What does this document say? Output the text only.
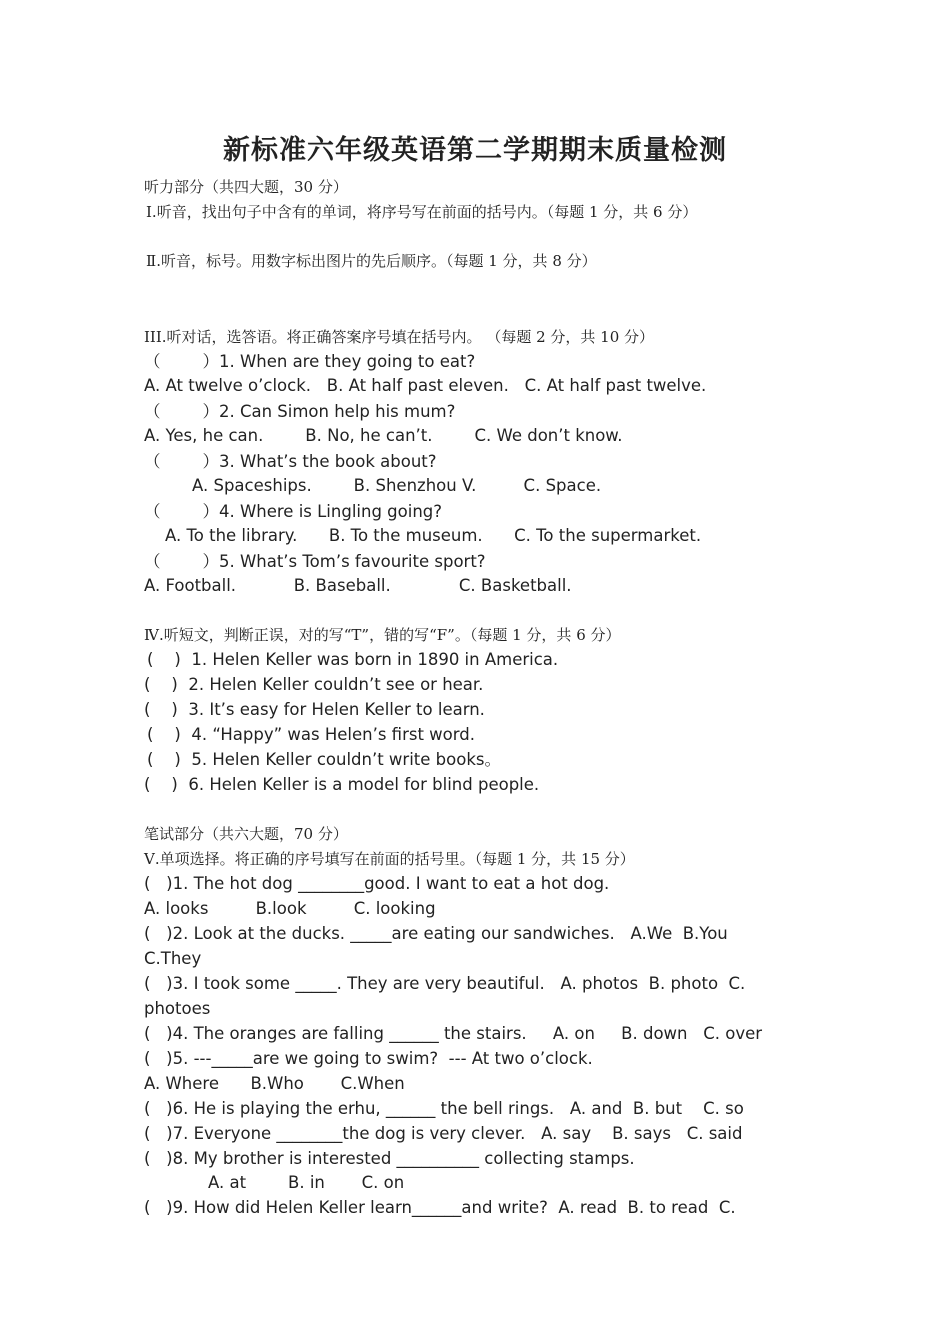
新标准六年级英语第二学期期末质量检测
听力部分（共四大题，30 分）
Ⅰ.听音，找出句子中含有的单词，将序号写在前面的括号内。（每题 1 分，共 6 分）
Ⅱ.听音，标号。用数字标出图片的先后顺序。（每题 1 分，共 8 分）
III.听对话，选答语。将正确答案序号填在括号内。 （每题 2 分，共 10 分）
（        ）1. When are they going to eat?
A. At twelve o’clock.   B. At half past eleven.   C. At half past twelve.
（        ）2. Can Simon help his mum?
A. Yes, he can.        B. No, he can’t.        C. We don’t know.
（        ）3. What’s the book about?
A. Spaceships.        B. Shenzhou V.         C. Space.
（        ）4. Where is Lingling going?
A. To the library.      B. To the museum.      C. To the supermarket.
（        ）5. What’s Tom’s favourite sport?
A. Football.           B. Baseball.             C. Basketball.
Ⅳ.听短文，判断正误，对的写“T”，错的写“F”。（每题 1 分，共 6 分）
(    )  1. Helen Keller was born in 1890 in America.
(    )  2. Helen Keller couldn’t see or hear.
(    )  3. It’s easy for Helen Keller to learn.
(    )  4. “Happy” was Helen’s first word.
(    )  5. Helen Keller couldn’t write books。
(    )  6. Helen Keller is a model for blind people.
笔试部分（共六大题，70 分）
Ⅴ.单项选择。将正确的序号填写在前面的括号里。（每题 1 分，共 15 分）
(   )1. The hot dog ________good. I want to eat a hot dog.
A. looks         B.look         C. looking
(   )2. Look at the ducks. _____are eating our sandwiches.   A.We  B.You
C.They
(   )3. I took some _____. They are very beautiful.   A. photos  B. photo  C.
photoes
(   )4. The oranges are falling ______ the stairs.     A. on     B. down   C. over
(   )5. ---_____are we going to swim?  --- At two o’clock.
A. Where      B.Who       C.When
(   )6. He is playing the erhu, ______ the bell rings.   A. and  B. but    C. so
(   )7. Everyone ________the dog is very clever.   A. say    B. says   C. said
(   )8. My brother is interested __________ collecting stamps.
A. at        B. in       C. on
(   )9. How did Helen Keller learn______and write?  A. read  B. to read  C.
